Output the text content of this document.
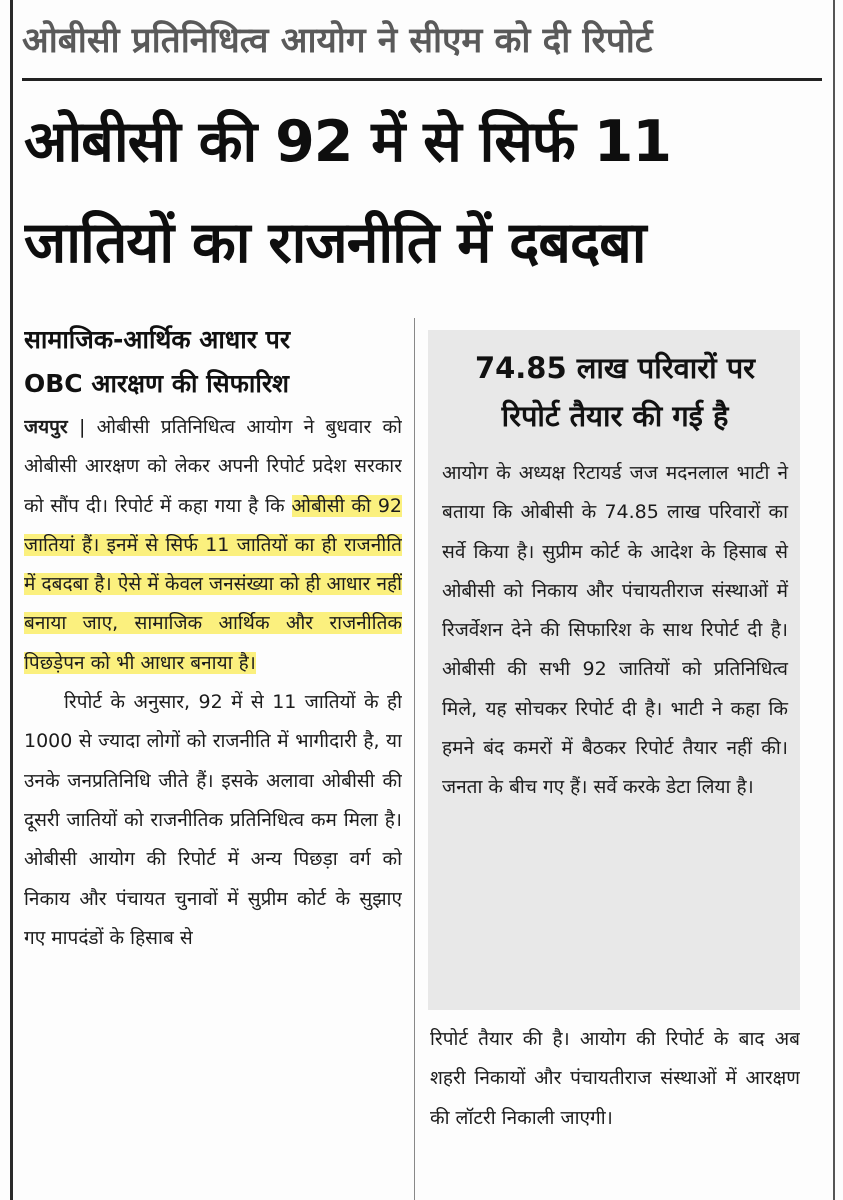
ओबीसी प्रतिनिधित्व आयोग ने सीएम को दी रिपोर्ट
ओबीसी की 92 में से सिर्फ 11
जातियों का राजनीति में दबदबा
सामाजिक-आर्थिक आधार पर
OBC आरक्षण की सिफारिश
जयपुर | ओबीसी प्रतिनिधित्व आयोग ने बुधवार को ओबीसी आरक्षण को लेकर अपनी रिपोर्ट प्रदेश सरकार को सौंप दी। रिपोर्ट में कहा गया है कि ओबीसी की 92 जातियां हैं। इनमें से सिर्फ 11 जातियों का ही राजनीति में दबदबा है। ऐसे में केवल जनसंख्या को ही आधार नहीं बनाया जाए, सामाजिक आर्थिक और राजनीतिक पिछड़ेपन को भी आधार बनाया है।
रिपोर्ट के अनुसार, 92 में से 11 जातियों के ही 1000 से ज्यादा लोगों को राजनीति में भागीदारी है, या उनके जनप्रतिनिधि जीते हैं। इसके अलावा ओबीसी की दूसरी जातियों को राजनीतिक प्रतिनिधित्व कम मिला है। ओबीसी आयोग की रिपोर्ट में अन्य पिछड़ा वर्ग को निकाय और पंचायत चुनावों में सुप्रीम कोर्ट के सुझाए गए मापदंडों के हिसाब से
74.85 लाख परिवारों पर
रिपोर्ट तैयार की गई है
आयोग के अध्यक्ष रिटायर्ड जज मदनलाल भाटी ने बताया कि ओबीसी के 74.85 लाख परिवारों का सर्वे किया है। सुप्रीम कोर्ट के आदेश के हिसाब से ओबीसी को निकाय और पंचायतीराज संस्थाओं में रिजर्वेशन देने की सिफारिश के साथ रिपोर्ट दी है। ओबीसी की सभी 92 जातियों को प्रतिनिधित्व मिले, यह सोचकर रिपोर्ट दी है। भाटी ने कहा कि हमने बंद कमरों में बैठकर रिपोर्ट तैयार नहीं की। जनता के बीच गए हैं। सर्वे करके डेटा लिया है।
रिपोर्ट तैयार की है। आयोग की रिपोर्ट के बाद अब शहरी निकायों और पंचायतीराज संस्थाओं में आरक्षण की लॉटरी निकाली जाएगी।
